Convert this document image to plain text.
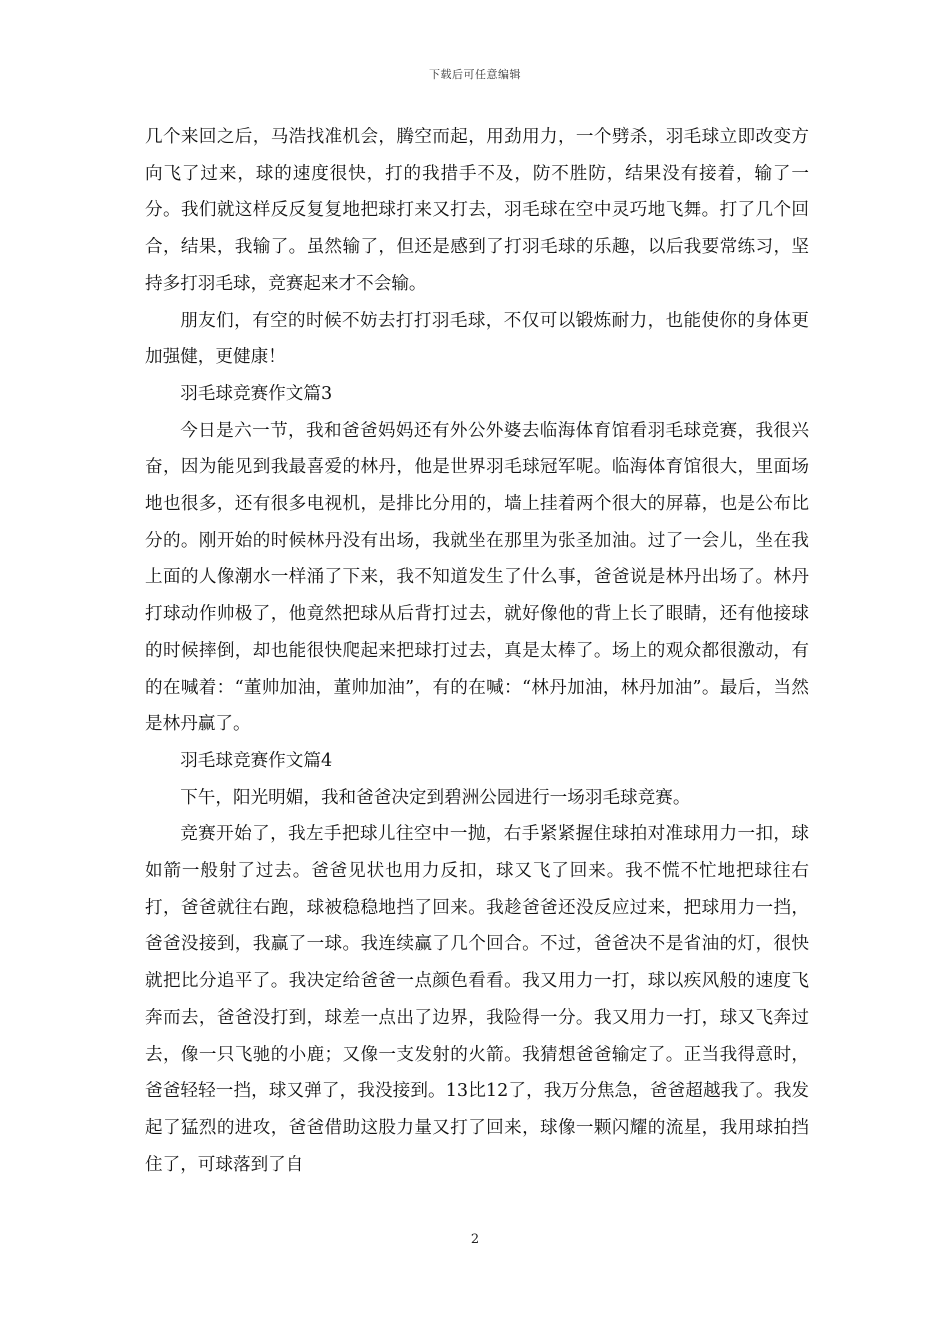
下载后可任意编辑

几个来回之后，马浩找准机会，腾空而起，用劲用力，一个劈杀，羽毛球立即改变方向飞了过来，球的速度很快，打的我措手不及，防不胜防，结果没有接着，输了一分。我们就这样反反复复地把球打来又打去，羽毛球在空中灵巧地飞舞。打了几个回合，结果，我输了。虽然输了，但还是感到了打羽毛球的乐趣，以后我要常练习，坚持多打羽毛球，竞赛起来才不会输。

朋友们，有空的时候不妨去打打羽毛球，不仅可以锻炼耐力，也能使你的身体更加强健，更健康！

羽毛球竞赛作文篇3

今日是六一节，我和爸爸妈妈还有外公外婆去临海体育馆看羽毛球竞赛，我很兴奋，因为能见到我最喜爱的林丹，他是世界羽毛球冠军呢。临海体育馆很大，里面场地也很多，还有很多电视机，是排比分用的，墙上挂着两个很大的屏幕，也是公布比分的。刚开始的时候林丹没有出场，我就坐在那里为张圣加油。过了一会儿，坐在我上面的人像潮水一样涌了下来，我不知道发生了什么事，爸爸说是林丹出场了。林丹打球动作帅极了，他竟然把球从后背打过去，就好像他的背上长了眼睛，还有他接球的时候摔倒，却也能很快爬起来把球打过去，真是太棒了。场上的观众都很激动，有的在喊着：“董帅加油，董帅加油”，有的在喊：“林丹加油，林丹加油”。最后，当然是林丹赢了。

羽毛球竞赛作文篇4

下午，阳光明媚，我和爸爸决定到碧洲公园进行一场羽毛球竞赛。

竞赛开始了，我左手把球儿往空中一抛，右手紧紧握住球拍对准球用力一扣，球如箭一般射了过去。爸爸见状也用力反扣，球又飞了回来。我不慌不忙地把球往右打，爸爸就往右跑，球被稳稳地挡了回来。我趁爸爸还没反应过来，把球用力一挡，爸爸没接到，我赢了一球。我连续赢了几个回合。不过，爸爸决不是省油的灯，很快就把比分追平了。我决定给爸爸一点颜色看看。我又用力一打，球以疾风般的速度飞奔而去，爸爸没打到，球差一点出了边界，我险得一分。我又用力一打，球又飞奔过去，像一只飞驰的小鹿；又像一支发射的火箭。我猜想爸爸输定了。正当我得意时，爸爸轻轻一挡，球又弹了，我没接到。13比12了，我万分焦急，爸爸超越我了。我发起了猛烈的进攻，爸爸借助这股力量又打了回来，球像一颗闪耀的流星，我用球拍挡住了，可球落到了自

2
